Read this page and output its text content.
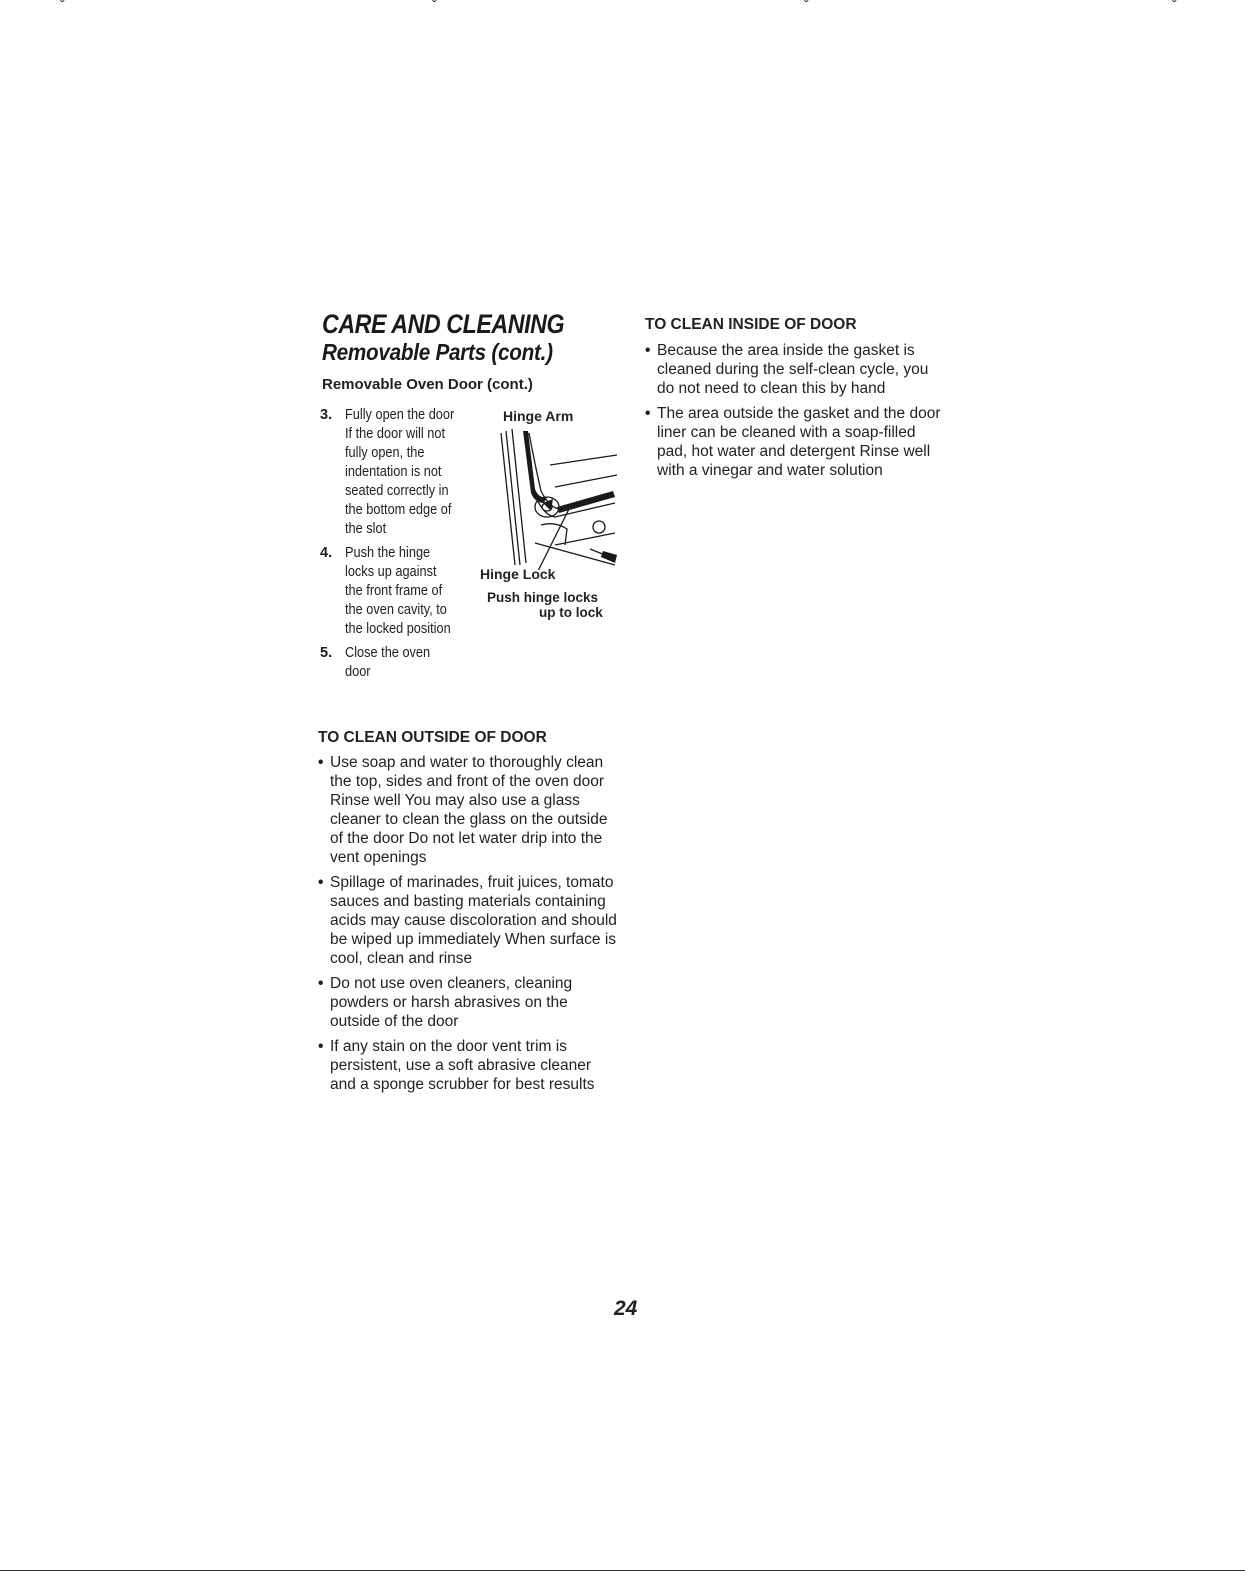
ˇ	ˇ	ˇ	ˇ
CARE AND CLEANING
Removable Parts (cont.)
Removable Oven Door (cont.)
3. Fully open the door If the door will not fully open, the indentation is not seated correctly in the bottom edge of the slot
4. Push the hinge locks up against the front frame of the oven cavity, to the locked position
5. Close the oven door
Hinge Arm
Hinge Lock
Push hinge locks
up to lock
TO CLEAN OUTSIDE OF DOOR
• Use soap and water to thoroughly clean the top, sides and front of the oven door Rinse well You may also use a glass cleaner to clean the glass on the outside of the door Do not let water drip into the vent openings
• Spillage of marinades, fruit juices, tomato sauces and basting materials containing acids may cause discoloration and should be wiped up immediately When surface is cool, clean and rinse
• Do not use oven cleaners, cleaning powders or harsh abrasives on the outside of the door
• If any stain on the door vent trim is persistent, use a soft abrasive cleaner and a sponge scrubber for best results
TO CLEAN INSIDE OF DOOR
• Because the area inside the gasket is cleaned during the self-clean cycle, you do not need to clean this by hand
• The area outside the gasket and the door liner can be cleaned with a soap-filled pad, hot water and detergent Rinse well with a vinegar and water solution

24
